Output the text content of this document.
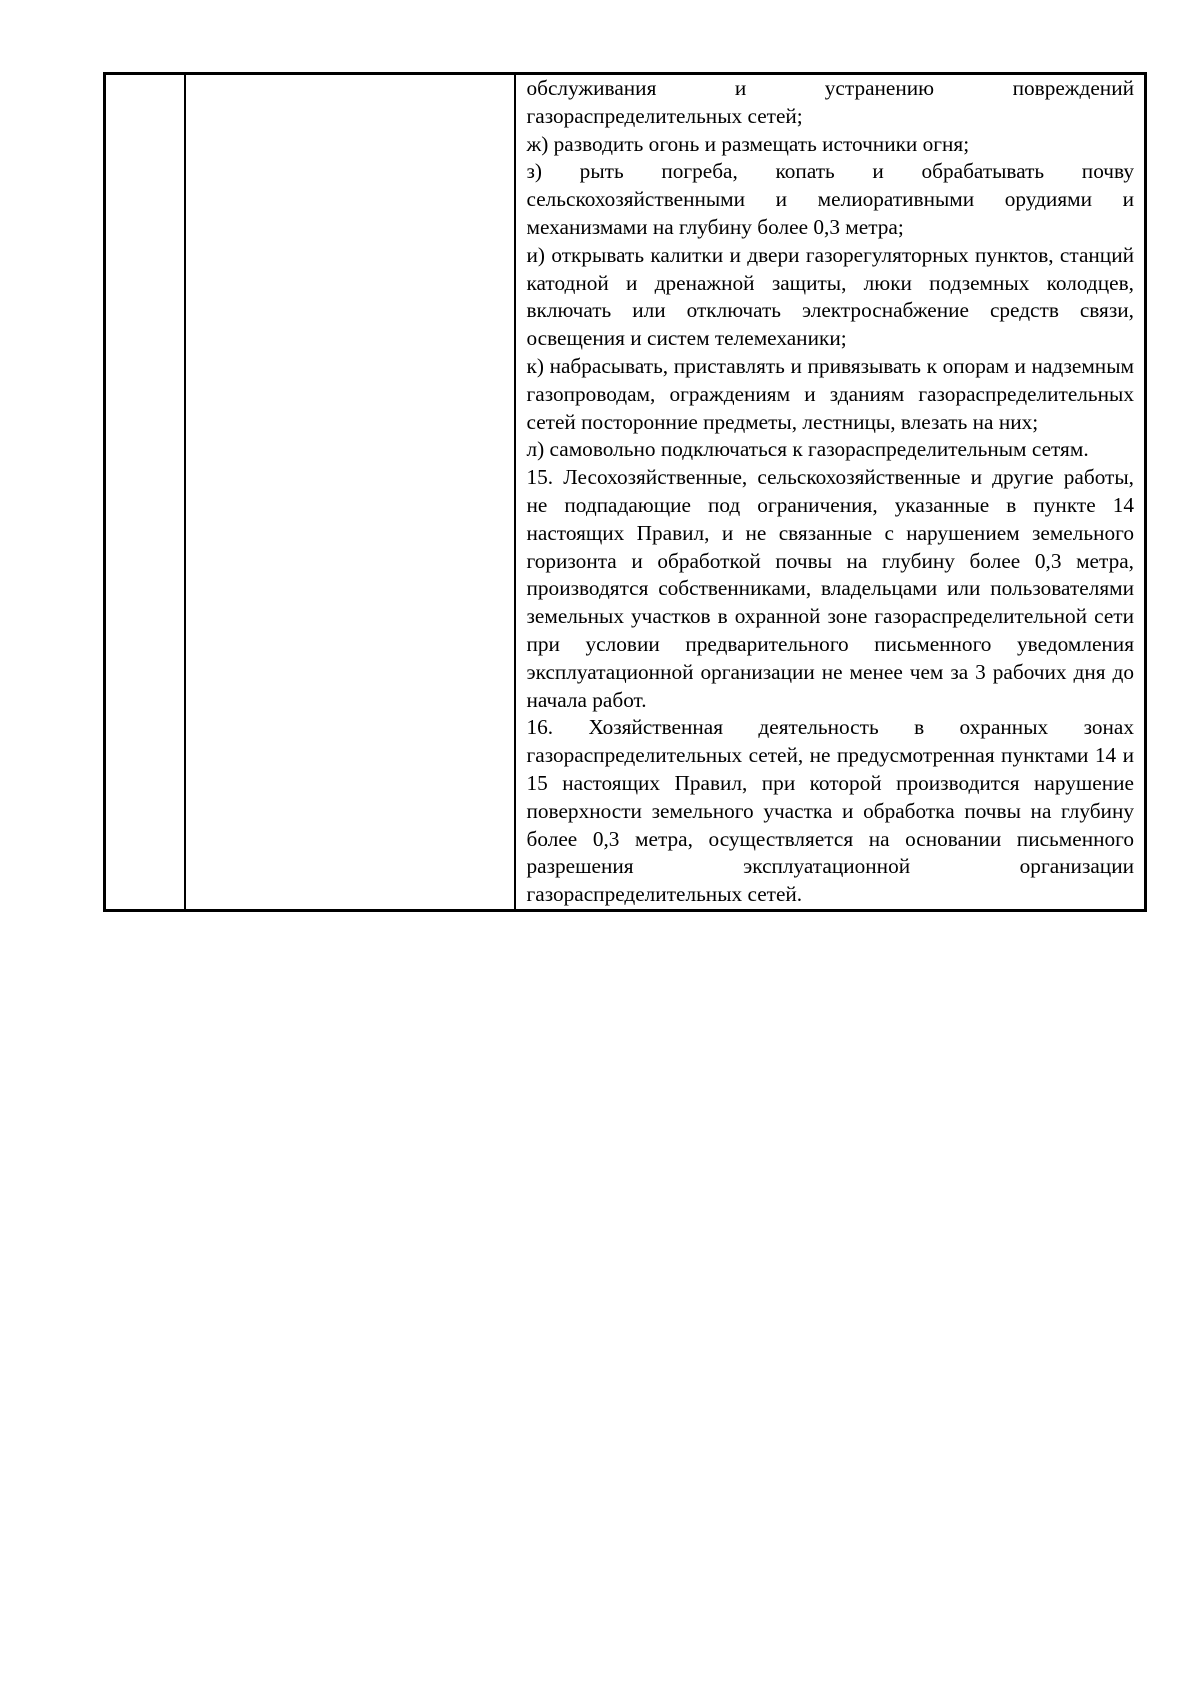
обслуживания и устранению повреждений газораспределительных сетей;

ж) разводить огонь и размещать источники огня;

з) рыть погреба, копать и обрабатывать почву сельскохозяйственными и мелиоративными орудиями и механизмами на глубину более 0,3 метра;

и) открывать калитки и двери газорегуляторных пунктов, станций катодной и дренажной защиты, люки подземных колодцев, включать или отключать электроснабжение средств связи, освещения и систем телемеханики;

к) набрасывать, приставлять и привязывать к опорам и надземным газопроводам, ограждениям и зданиям газораспределительных сетей посторонние предметы, лестницы, влезать на них;

л) самовольно подключаться к газораспределительным сетям.

15. Лесохозяйственные, сельскохозяйственные и другие работы, не подпадающие под ограничения, указанные в пункте 14 настоящих Правил, и не связанные с нарушением земельного горизонта и обработкой почвы на глубину более 0,3 метра, производятся собственниками, владельцами или пользователями земельных участков в охранной зоне газораспределительной сети при условии предварительного письменного уведомления эксплуатационной организации не менее чем за 3 рабочих дня до начала работ.

16. Хозяйственная деятельность в охранных зонах газораспределительных сетей, не предусмотренная пунктами 14 и 15 настоящих Правил, при которой производится нарушение поверхности земельного участка и обработка почвы на глубину более 0,3 метра, осуществляется на основании письменного разрешения эксплуатационной организации газораспределительных сетей.
